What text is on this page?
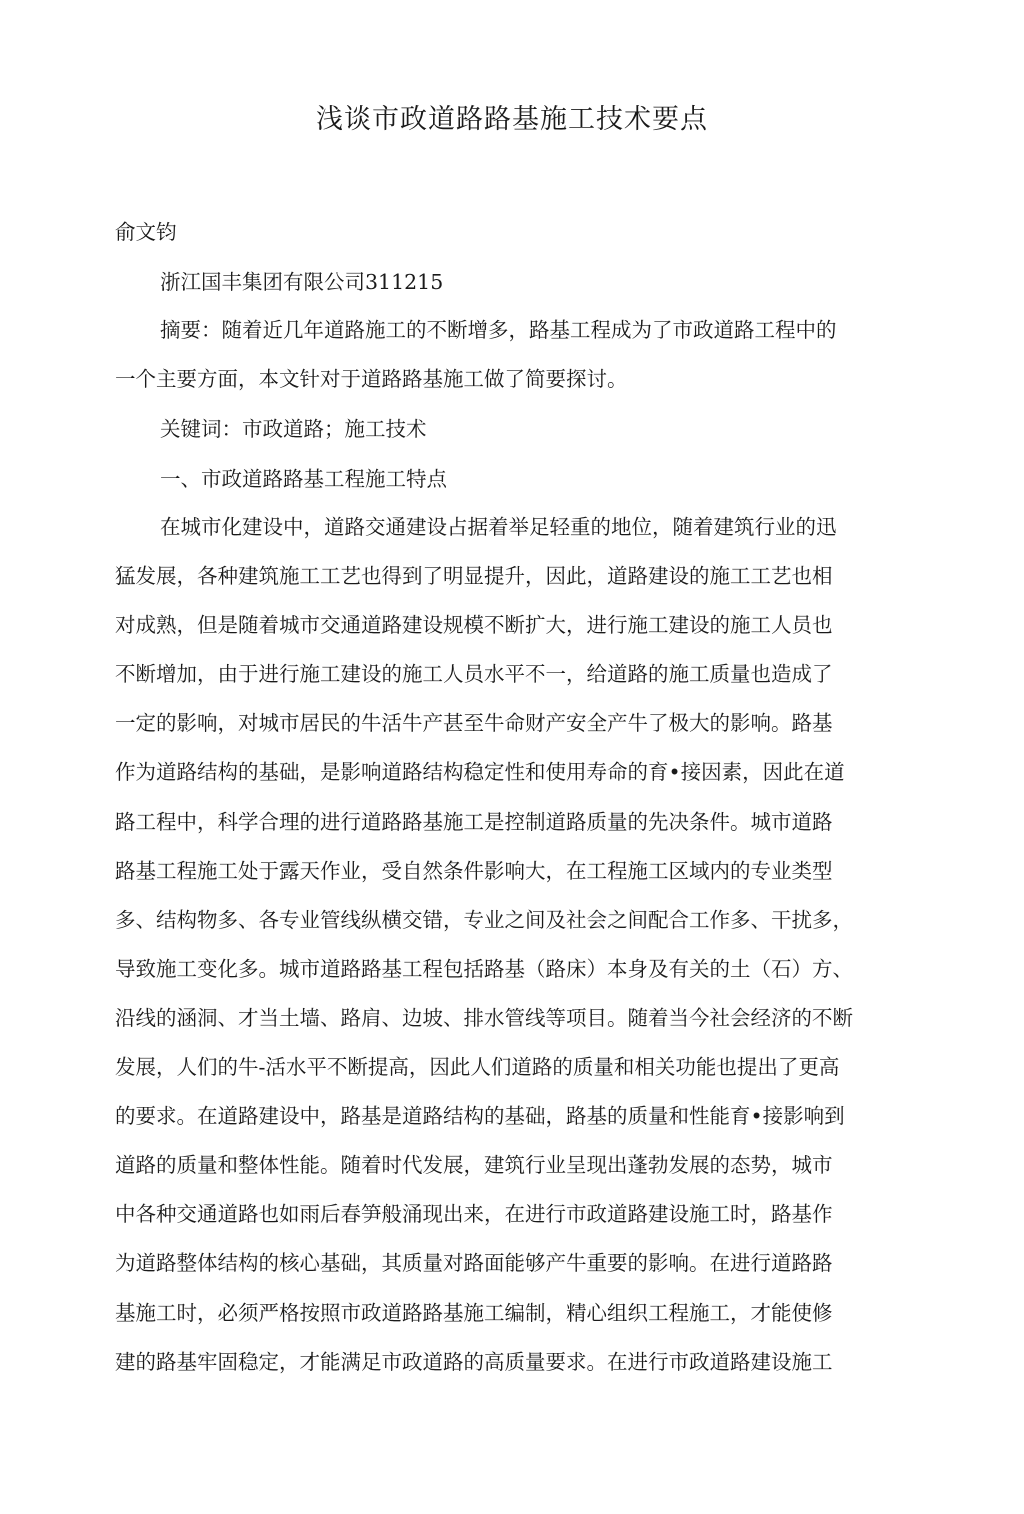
浅谈市政道路路基施工技术要点
俞文钧
浙江国丰集团有限公司311215
摘要：随着近几年道路施工的不断增多，路基工程成为了市政道路工程中的
一个主要方面，本文针对于道路路基施工做了简要探讨。
关键词：市政道路；施工技术
一、市政道路路基工程施工特点
在城市化建设中，道路交通建设占据着举足轻重的地位，随着建筑行业的迅
猛发展，各种建筑施工工艺也得到了明显提升，因此，道路建设的施工工艺也相
对成熟，但是随着城市交通道路建设规模不断扩大，进行施工建设的施工人员也
不断增加，由于进行施工建设的施工人员水平不一，给道路的施工质量也造成了
一定的影响，对城市居民的牛活牛产甚至牛命财产安全产牛了极大的影响。路基
作为道路结构的基础，是影响道路结构稳定性和使用寿命的育•接因素，因此在道
路工程中，科学合理的进行道路路基施工是控制道路质量的先决条件。城市道路
路基工程施工处于露天作业，受自然条件影响大，在工程施工区域内的专业类型
多、结构物多、各专业管线纵横交错，专业之间及社会之间配合工作多、干扰多，
导致施工变化多。城市道路路基工程包括路基（路床）本身及有关的土（石）方、
沿线的涵洞、才当土墙、路肩、边坡、排水管线等项目。随着当今社会经济的不断
发展，人们的牛-活水平不断提高，因此人们道路的质量和相关功能也提出了更高
的要求。在道路建设中，路基是道路结构的基础，路基的质量和性能育•接影响到
道路的质量和整体性能。随着时代发展，建筑行业呈现出蓬勃发展的态势，城市
中各种交通道路也如雨后春笋般涌现出来，在进行市政道路建设施工时，路基作
为道路整体结构的核心基础，其质量对路面能够产牛重要的影响。在进行道路路
基施工时，必须严格按照市政道路路基施工编制，精心组织工程施工，才能使修
建的路基牢固稳定，才能满足市政道路的高质量要求。在进行市政道路建设施工
